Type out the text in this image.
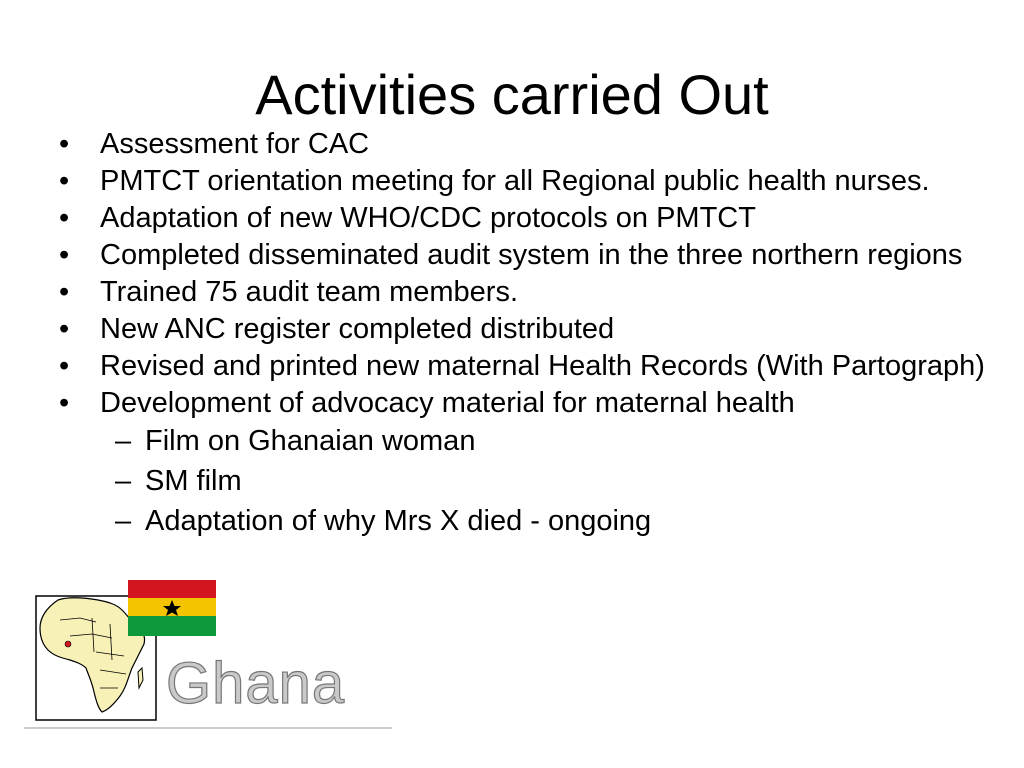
Activities carried Out
Ghana
• Assessment for CAC
• PMTCT orientation meeting for all Regional public health nurses.
• Adaptation of new WHO/CDC protocols on PMTCT
• Completed disseminated audit system in the three northern regions
• Trained 75 audit team members.
• New ANC register completed distributed
• Revised and printed new maternal Health Records (With Partograph)
• Development of advocacy material for maternal health
– Film on Ghanaian woman
– SM film
– Adaptation of why Mrs X died - ongoing
